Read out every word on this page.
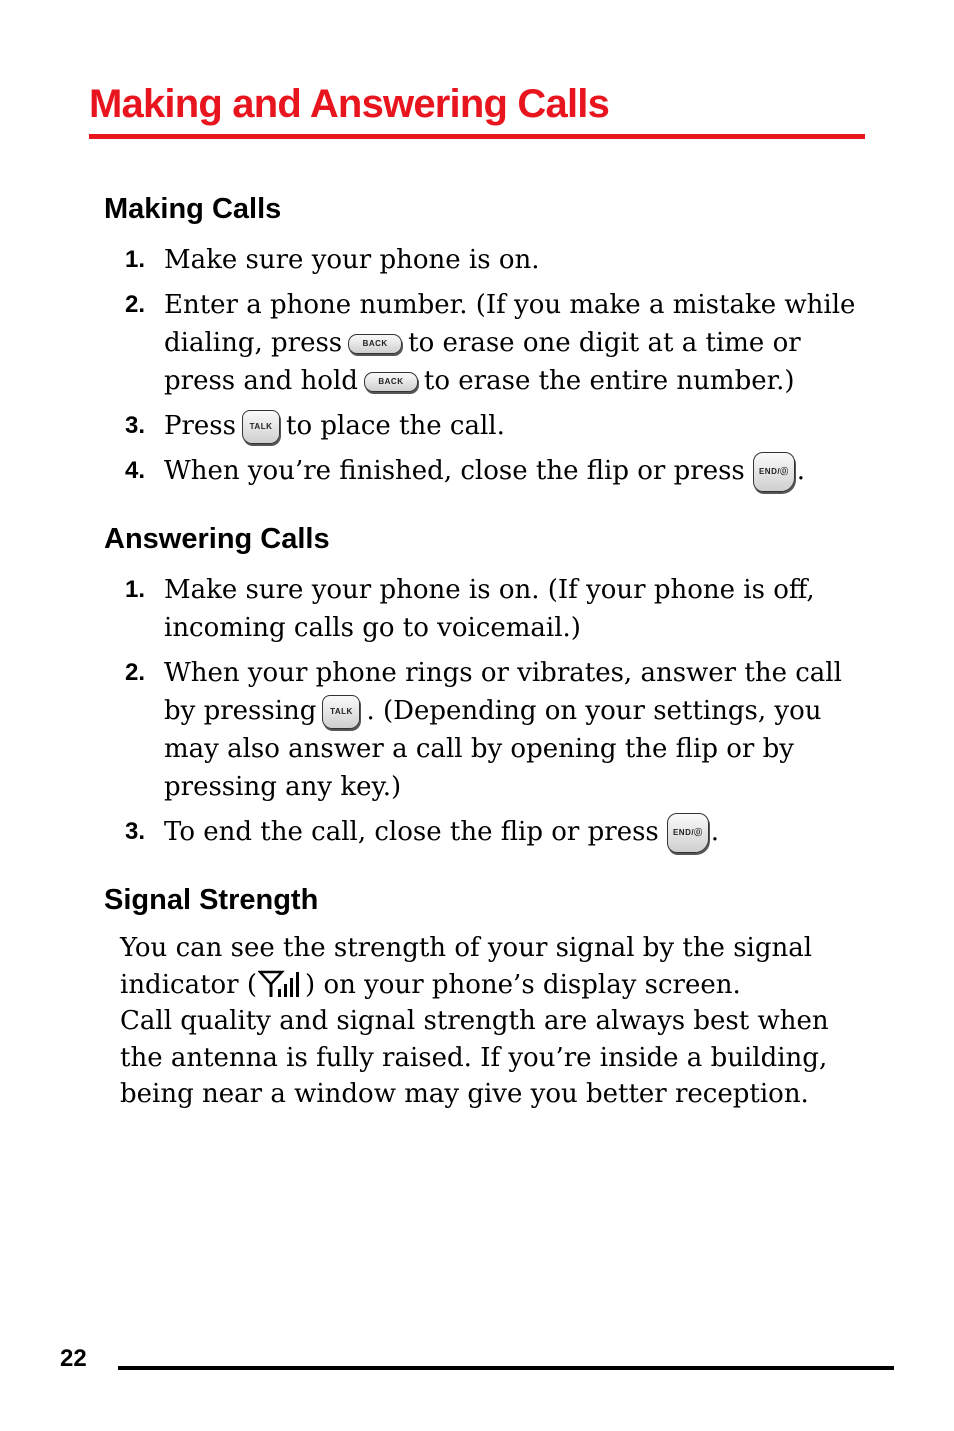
Making and Answering Calls
Making Calls
1. Make sure your phone is on.
2. Enter a phone number. (If you make a mistake while dialing, press	BACK to erase one digit at a time or press and hold	BACK to erase the entire number.)
3. Press TALK to place the call.
4. When you’re finished, close the flip or press END/⓪ .
Answering Calls
1. Make sure your phone is on. (If your phone is off, incoming calls go to voicemail.)
2. When your phone rings or vibrates, answer the call by pressing TALK . (Depending on your settings, you may also answer a call by opening the flip or by pressing any key.)
3. To end the call, close the flip or press END/⓪ .
Signal Strength

You can see the strength of your signal by the signal indicator ( ) on your phone’s display screen.

Call quality and signal strength are always best when the antenna is fully raised. If you’re inside a building, being near a window may give you better reception.

22
